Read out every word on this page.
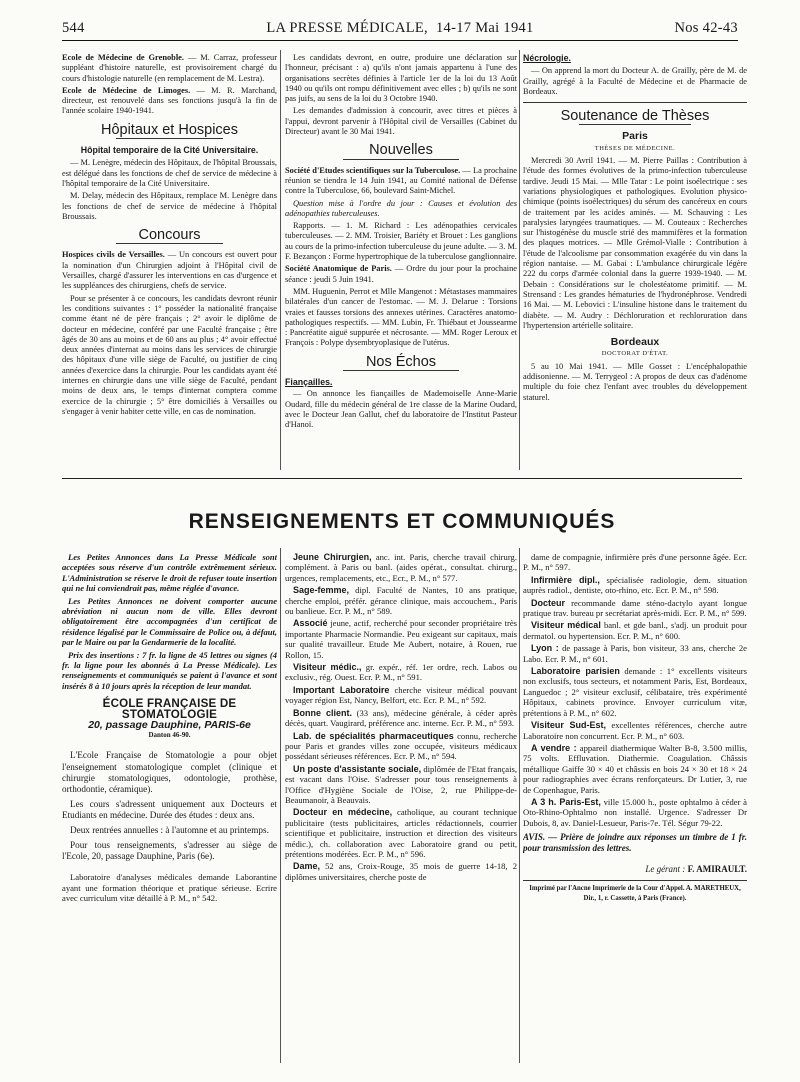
544	LA PRESSE MÉDICALE, 14-17 Mai 1941	Nos 42-43

Ecole de Médecine de Grenoble. — M. Carraz, professeur suppléant d'histoire naturelle, est provisoirement chargé du cours d'histologie naturelle (en remplacement de M. Lestra).

Ecole de Médecine de Limoges. — M. R. Marchand, directeur, est renouvelé dans ses fonctions jusqu'à la fin de l'année scolaire 1940-1941.

Hôpitaux et Hospices
Hôpital temporaire de la Cité Universitaire.

— M. Lenègre, médecin des Hôpitaux, de l'hôpital Broussais, est délégué dans les fonctions de chef de service de médecine à l'hôpital temporaire de la Cité Universitaire.

M. Delay, médecin des Hôpitaux, remplace M. Lenègre dans les fonctions de chef de service de médecine à l'hôpital Broussais.

Concours

Hospices civils de Versailles. — Un concours est ouvert pour la nomination d'un Chirurgien adjoint à l'Hôpital civil de Versailles, chargé d'assurer les interventions en cas d'urgence et les suppléances des chirurgiens, chefs de service.

Pour se présenter à ce concours, les candidats devront réunir les conditions suivantes : 1° posséder la nationalité française comme étant né de père français ; 2° avoir le diplôme de docteur en médecine, conféré par une Faculté française ; être âgés de 30 ans au moins et de 60 ans au plus ; 4° avoir effectué deux années d'internat au moins dans les services de chirurgie des hôpitaux d'une ville siège de Faculté, ou justifier de cinq années d'exercice dans la chirurgie. Pour les candidats ayant été internes en chirurgie dans une ville siège de Faculté, pendant moins de deux ans, le temps d'internat comptera comme exercice de la chirurgie ; 5° être domiciliés à Versailles ou s'engager à venir habiter cette ville, en cas de nomination.

Les candidats devront, en outre, produire une déclaration sur l'honneur, précisant : a) qu'ils n'ont jamais appartenu à l'une des organisations secrètes définies à l'article 1er de la loi du 13 Août 1940 ou qu'ils ont rompu définitivement avec elles ; b) qu'ils ne sont pas juifs, au sens de la loi du 3 Octobre 1940.

Les demandes d'admission à concourir, avec titres et pièces à l'appui, devront parvenir à l'Hôpital civil de Versailles (Cabinet du Directeur) avant le 30 Mai 1941.

Nouvelles

Société d'Etudes scientifiques sur la Tuberculose. — La prochaine réunion se tiendra le 14 Juin 1941, au Comité national de Défense contre la Tuberculose, 66, boulevard Saint-Michel.

Question mise à l'ordre du jour : Causes et évolution des adénopathies tuberculeuses.

Rapports. — 1. M. Richard : Les adénopathies cervicales tuberculeuses. — 2. MM. Troisier, Bariéty et Brouet : Les ganglions au cours de la primo-infection tuberculeuse du jeune adulte. — 3. M. F. Bezançon : Forme hypertrophique de la tuberculose ganglionnaire.

Société Anatomique de Paris. — Ordre du jour pour la prochaine séance : jeudi 5 Juin 1941.

MM. Huguenin, Perrot et Mlle Mangenot : Métastases mammaires bilatérales d'un cancer de l'estomac. — M. J. Delarue : Torsions vraies et fausses torsions des annexes utérines. Caractères anatomo-pathologiques respectifs. — MM. Lubin, Fr. Thiébaut et Joussearme : Pancréatite aiguë suppurée et nécrosante. — MM. Roger Leroux et François : Polype dysembryoplasique de l'utérus.

Nos Échos
Fiançailles.

— On annonce les fiançailles de Mademoiselle Anne-Marie Oudard, fille du médecin général de 1re classe de la Marine Oudard, avec le Docteur Jean Gallut, chef du laboratoire de l'Institut Pasteur d'Hanoï.

Nécrologie.

— On apprend la mort du Docteur A. de Grailly, père de M. de Grailly, agrégé à la Faculté de Médecine et de Pharmacie de Bordeaux.

Soutenance de Thèses
Paris
THÈSES DE MÉDECINE.

Mercredi 30 Avril 1941. — M. Pierre Paillas : Contribution à l'étude des formes évolutives de la primo-infection tuberculeuse tardive. Jeudi 15 Mai. — Mlle Tatar : Le point isoélectrique : ses variations physiologiques et pathologiques. Evolution physico-chimique (points isoélectriques) du sérum des cancéreux en cours de traitement par les acides aminés. — M. Schauving : Les paralysies laryngées traumatiques. — M. Couteaux : Recherches sur l'histogénèse du muscle strié des mammifères et la formation des plaques motrices. — Mlle Grémol-Vialle : Contribution à l'étude de l'alcoolisme par consommation exagérée du vin dans la région nantaise. — M. Gabai : L'ambulance chirurgicale légère 222 du corps d'armée colonial dans la guerre 1939-1940. — M. Debain : Considérations sur le cholestéatome primitif. — M. Strensand : Les grandes hématuries de l'hydronéphrose. Vendredi 16 Mai. — M. Lebovici : L'insuline histone dans le traitement du diabète. — M. Audry : Déchloruration et rechloruration dans l'hypertension artérielle solitaire.

Bordeaux
DOCTORAT D'ÉTAT.

5 au 10 Mai 1941. — Mlle Gosset : L'encéphalopathie addisonienne. — M. Terrygeol : A propos de deux cas d'adénome multiple du foie chez l'enfant avec troubles du développement staturel.

RENSEIGNEMENTS ET COMMUNIQUÉS

Les Petites Annonces dans La Presse Médicale sont acceptées sous réserve d'un contrôle extrêmement sérieux. L'Administration se réserve le droit de refuser toute insertion qui ne lui conviendrait pas, même réglée d'avance.

Les Petites Annonces ne doivent comporter aucune abréviation ni aucun nom de ville. Elles devront obligatoirement être accompagnées d'un certificat de résidence légalisé par le Commissaire de Police ou, à défaut, par le Maire ou par la Gendarmerie de la localité.

Prix des insertions : 7 fr. la ligne de 45 lettres ou signes (4 fr. la ligne pour les abonnés à La Presse Médicale). Les renseignements et communiqués se paient à l'avance et sont insérés 8 à 10 jours après la réception de leur mandat.

ÉCOLE FRANÇAISE DE STOMATOLOGIE
20, passage Dauphine, PARIS-6e
Danton 46-90.

L'Ecole Française de Stomatologie a pour objet l'enseignement stomatologique complet (clinique et chirurgie stomatologiques, odontologie, prothèse, orthodontie, céramique).

Les cours s'adressent uniquement aux Docteurs et Etudiants en médecine. Durée des études : deux ans.

Deux rentrées annuelles : à l'automne et au printemps.

Pour tous renseignements, s'adresser au siège de l'Ecole, 20, passage Dauphine, Paris (6e).

Laboratoire d'analyses médicales demande Laborantine ayant une formation théorique et pratique sérieuse. Ecrire avec curriculum vitæ détaillé à P. M., n° 542.

Jeune Chirurgien, anc. int. Paris, cherche travail chirurg. complément. à Paris ou banl. (aides opérat., consultat. chirurg., urgences, remplacements, etc., Ecr., P. M., n° 577.

Sage-femme, dipl. Faculté de Nantes, 10 ans pratique, cherche emploi, préfér. gérance clinique, mais accouchem., Paris ou banlieue. Ecr. P. M., n° 589.

Associé jeune, actif, recherché pour seconder propriétaire très importante Pharmacie Normandie. Peu exigeant sur capitaux, mais sur qualité travailleur. Etude Me Aubert, notaire, à Rouen, rue Rollon, 15.

Visiteur médic., gr. expér., réf. 1er ordre, rech. Labos ou exclusiv., rég. Ouest. Ecr. P. M., n° 591.

Important Laboratoire cherche visiteur médical pouvant voyager région Est, Nancy, Belfort, etc. Ecr. P. M., n° 592.

Bonne client. (33 ans), médecine générale, à céder après décès, quart. Vaugirard, préférence anc. interne. Ecr. P. M., n° 593.

Lab. de spécialités pharmaceutiques connu, recherche pour Paris et grandes villes zone occupée, visiteurs médicaux possédant sérieuses références. Ecr. P. M., n° 594.

Un poste d'assistante sociale, diplômée de l'Etat français, est vacant dans l'Oise. S'adresser pour tous renseignements à l'Office d'Hygiène Sociale de l'Oise, 2, rue Philippe-de-Beaumanoir, à Beauvais.

Docteur en médecine, catholique, au courant technique publicitaire (tests publicitaires, articles rédactionnels, courrier scientifique et publicitaire, instruction et direction des visiteurs médic.), ch. collaboration avec Laboratoire grand ou petit, prétentions modérées. Ecr. P. M., n° 596.

Dame, 52 ans, Croix-Rouge, 35 mois de guerre 14-18, 2 diplômes universitaires, cherche poste de

dame de compagnie, infirmière près d'une personne âgée. Ecr. P. M., n° 597.

Infirmière dipl., spécialisée radiologie, dem. situation auprès radiol., dentiste, oto-rhino, etc. Ecr. P. M., n° 598.

Docteur recommande dame sténo-dactylo ayant longue pratique trav. bureau pr secrétariat après-midi. Ecr. P. M., n° 599.

Visiteur médical banl. et gde banl., s'adj. un produit pour dermatol. ou hypertension. Ecr. P. M., n° 600.

Lyon : de passage à Paris, bon visiteur, 33 ans, cherche 2e Labo. Ecr. P. M., n° 601.

Laboratoire parisien demande : 1° excellents visiteurs non exclusifs, tous secteurs, et notamment Paris, Est, Bordeaux, Languedoc ; 2° visiteur exclusif, célibataire, très expérimenté Hôpitaux, cabinets province. Envoyer curriculum vitæ, prétentions à P. M., n° 602.

Visiteur Sud-Est, excellentes références, cherche autre Laboratoire non concurrent. Ecr. P. M., n° 603.

A vendre : appareil diathermique Walter B-8, 3.500 millis, 75 volts. Effluvation. Diathermie. Coagulation. Châssis métallique Gaiffe 30 × 40 et châssis en bois 24 × 30 et 18 × 24 pour radiographies avec écrans renforçateurs. Dr Lutier, 3, rue de Copenhague, Paris.

A 3 h. Paris-Est, ville 15.000 h., poste ophtalmo à céder à Oto-Rhino-Ophtalmo non installé. Urgence. S'adresser Dr Dubois, 8, av. Daniel-Lesueur, Paris-7e. Tél. Ségur 79-22.

AVIS. — Prière de joindre aux réponses un timbre de 1 fr. pour transmission des lettres.
Le gérant : F. AMIRAULT.
Imprimé par l'Ancne Imprimerie de la Cour d'Appel. A. MARETHEUX, Dir., 1, r. Cassette, à Paris (France).
